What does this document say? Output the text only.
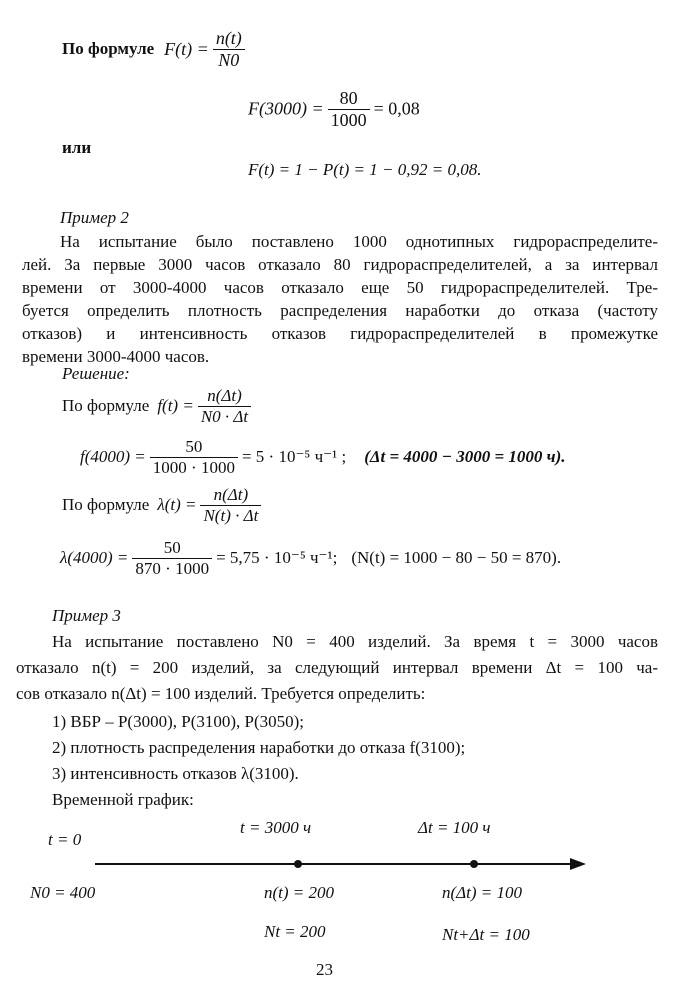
По формуле $F(t) = \frac{n(t)}{N0}$
$F(3000) = \frac{80}{1000} = 0,08$
или
F(t) = 1 − P(t) = 1 − 0,92 = 0,08.
Пример 2
На испытание было поставлено 1000 однотипных гидрораспределите-
лей. За первые 3000 часов отказало 80 гидрораспределителей, а за интервал
времени от 3000-4000 часов отказало еще 50 гидрораспределителей. Тре-
буется определить плотность распределения наработки до отказа (частоту
отказов) и интенсивность отказов гидрораспределителей в промежутке
времени 3000-4000 часов.
Решение:
По формуле $f(t) = \frac{n(\Delta t)}{N0 \cdot \Delta t}$
$f(4000) = \frac{50}{1000 \cdot 1000} = 5 \cdot 10^{-5}$ ч⁻¹ ; (Δt = 4000 − 3000 = 1000 ч).
По формуле $\lambda(t) = \frac{n(\Delta t)}{N(t) \cdot \Delta t}$
$\lambda(4000) = \frac{50}{870 \cdot 1000} = 5,75 \cdot 10^{-5}$ ч⁻¹; (N(t) = 1000 − 80 − 50 = 870).
Пример 3
На испытание поставлено N0 = 400 изделий. За время t = 3000 часов
отказало n(t) = 200 изделий, за следующий интервал времени Δt = 100 ча-
сов отказало n(Δt) = 100 изделий. Требуется определить:
1) ВБР – P(3000), P(3100), P(3050);
2) плотность распределения наработки до отказа f(3100);
3) интенсивность отказов λ(3100).
Временной график:
t = 0
t = 3000 ч	Δt = 100 ч
N0 = 400	n(t) = 200	n(Δt) = 100
Nt = 200	Nt+Δt = 100
23
